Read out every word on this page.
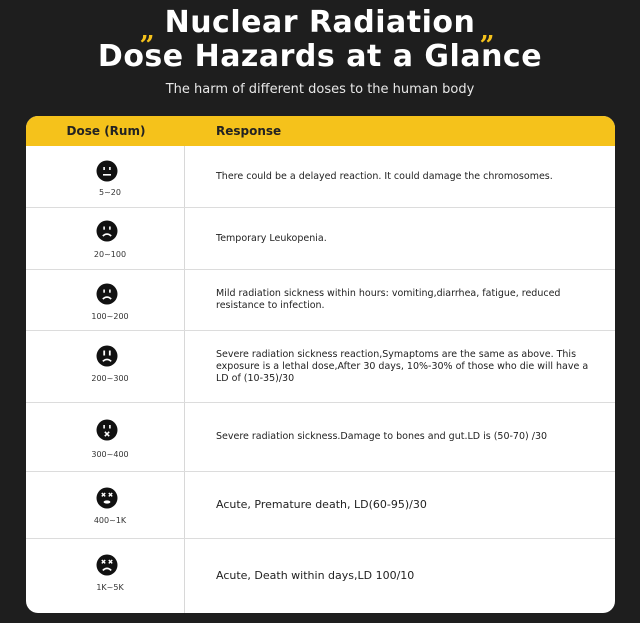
„	„
Nuclear Radiation
Dose Hazards at a Glance
The harm of different doses to the human body
Dose (Rum)	Response
5~20
There could be a delayed reaction. It could damage the chromosomes.
20~100
Temporary Leukopenia.
100~200
Mild radiation sickness within hours: vomiting,diarrhea, fatigue, reduced resistance to infection.
200~300
Severe radiation sickness reaction,Symaptoms are the same as above. This exposure is a lethal dose,After 30 days, 10%-30% of those who die will have a LD of (10-35)/30
300~400
Severe radiation sickness.Damage to bones and gut.LD is (50-70) /30
400~1K
Acute, Premature death, LD(60-95)/30
1K~5K
Acute, Death within days,LD 100/10
